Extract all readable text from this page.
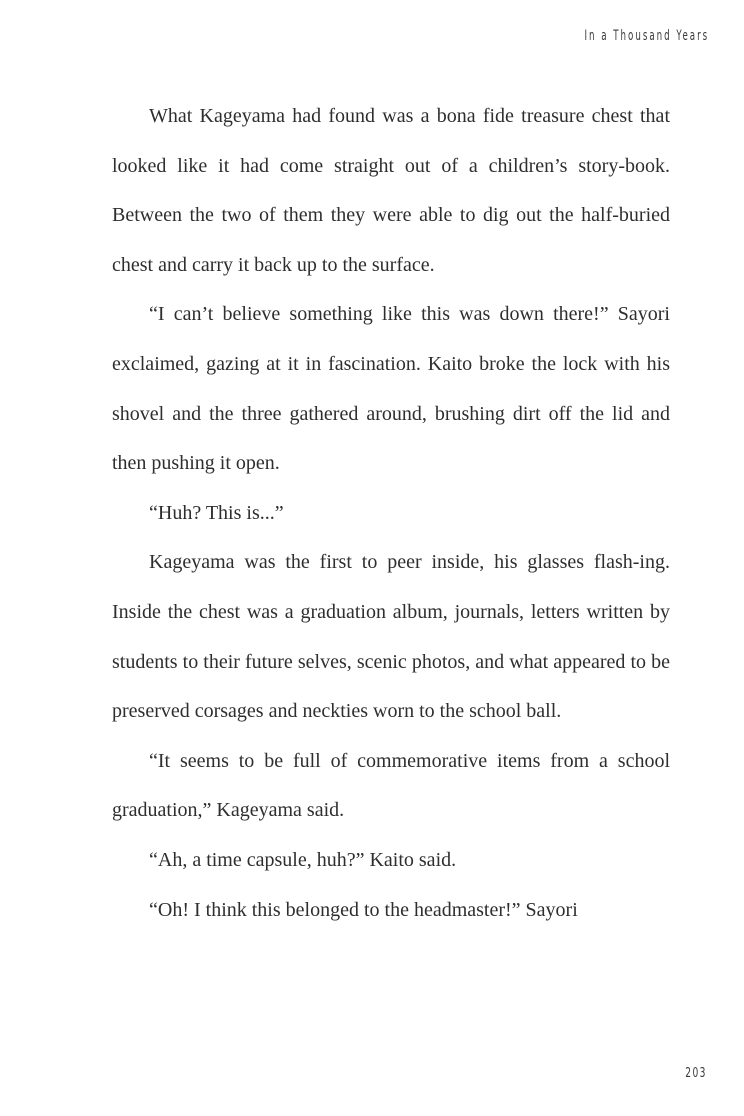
In a Thousand Years

What Kageyama had found was a bona fide treasure chest that looked like it had come straight out of a children’s story-book. Between the two of them they were able to dig out the half-buried chest and carry it back up to the surface.

“I can’t believe something like this was down there!” Sayori exclaimed, gazing at it in fascination. Kaito broke the lock with his shovel and the three gathered around, brushing dirt off the lid and then pushing it open.

“Huh? This is...”

Kageyama was the first to peer inside, his glasses flash-ing. Inside the chest was a graduation album, journals, letters written by students to their future selves, scenic photos, and what appeared to be preserved corsages and neckties worn to the school ball.

“It seems to be full of commemorative items from a school graduation,” Kageyama said.

“Ah, a time capsule, huh?” Kaito said.

“Oh! I think this belonged to the headmaster!” Sayori

203
